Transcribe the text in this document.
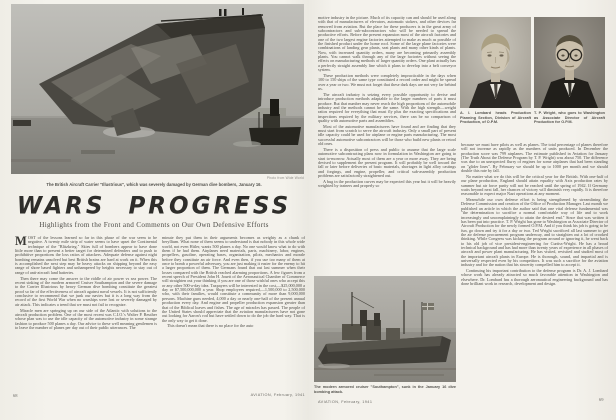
Photo from Wide World
The British Aircraft Carrier "Illustrious", which was severely damaged by German dive bombers, January 16.
WARS PROGRESS
Highlights from the Front and Comments on Our Own Defensive Efforts

MOST of the lessons learned so far in this phase of the war seem to be negative. A twenty mile strip of water seems to have upset the Continental technique of the "Blitzkrieg." Skies full of bombers appear to have done little more than to present a better target for determined defenders and to push to prohibitive proportions the loss ratios of attackers. Adequate defense against night bombing remains unsolved but best British brains are hard at work on it. When this is accomplished the next step may be heavy attacks on shipping beyond the easy range of shore based fighters and unhampered by heights necessary to stay out of range of anti-aircraft land batteries.

Then there may come the answer to the riddle of air power vs sea power. The recent sinking of the modern armored Cruiser Southampton and the severe damage to the Carrier Illustrious by heavy German dive bombing constitute the greatest proof so far of the effectiveness of aircraft against naval vessels. It is not sufficiently conclusive to recommend that we junk our navies but it is a long way from the record of the first World War when no warships were lost or severely damaged by air attack. This indicates a trend that we must not fail to recognize.

Miracle men are springing up on our side of the Atlantic with solutions to the aircraft production problem. One of the most recent was C.I.O.'s Walter P. Reuther whose plan was to use the idle capacity of the automotive industry in some strange fashion to produce 500 planes a day. Our advice to these well meaning gentlemen is to leave the number of planes per day out of their public utterances. The

minute they put them in their arguments becomes as weighty as a chunk of beryllium. What none of them seems to understand is that nobody in this whole wide world, not even Hitler, wants 500 planes a day. No one would know what to do with them if he had them. Airplanes need materials, parts, machinery, labor, engines, propellers, gasoline, operating bases, organization, pilots, mechanics and morale before they constitute an air force. And even then, if you use too many of them at once to bomb a powerful adversary, you are just making it easier for the enemy to hit a larger proportion of them. The Germans found that out last summer when their losses compared with the British reached alarming proportions. A few figures from a recent speech of President John H. Jouett of the Aeronautical Chamber of Commerce will straighten out your thinking if you are one of those wishful ones who accept this or any other 500-a-day idea. Taxpayers will be interested in the cost,—$25,000,000 a day or $7,500,000,000 a year. Shop employees required,—1,500,000 to 2,500,000 who, with their families, would constitute a community of more than 9,000,000 persons. Machine guns needed, 4,000 a day or nearly one-half of the present annual production every day. And engine and propeller production expansion greater than that of the Biblical loaves and fishes. The age of miracles has passed. The people of the United States should appreciate that the aviation manufacturers have not gone out looking for Aaron's rod but have settled down to do the job the hard way. That is the only way to get it done.

This doesn't mean that there is no place for the auto

68	AVIATION, February, 1941

motive industry in the picture. Much of its capacity can and should be used along with that of manufacturers of elevators, automatic stokers, and other devices far removed from aviation. But the place for these producers is in the great army of subcontractors and sub-subcontractors who will be needed to spread the productive efforts. Before the present expansion most of the aircraft factories and one of the two largest engine factories attempted to make as much as possible of the finished product under the home roof. Some of the large plane factories were combinations of landing gear plants, seat plants and many other kinds of plants. Now, with increased quantity orders, many are becoming primarily assembly plants. You cannot walk through any of the large factories without seeing the effects on manufacturing methods of larger quantity orders. One plant actually has a perfectly straight assembly line which it plans to develop into a belt conveyor system.

These production methods were completely impracticable in the days when 100 to 150 ships of the same type constituted a record order and might be spread over a year or two. We must not forget that these dark days are not very far behind us.

The aircraft industry is seizing every possible opportunity to devise and introduce production methods adaptable to the larger numbers of parts it must produce. But that number may never reach the high proportions of the automobile industry and the methods cannot be the same. With the high strength—weight ratios required for everything that must fly plus the exacting specifications and inspections required by the military services, there can be no comparison of quality with automotive parts and assemblies.

Most of the automotive manufacturers have found and are finding that they must start from scratch to serve the aircraft industry. Only a small part of present idle capacity could be used for airplane or engine parts manufacturing. The most successful automotive subcontractors will be those who build new plants or retool old ones.

There is a disposition of press and public to assume that the large scale automotive subcontracting plans now in formulation in Washington are going to start to-morrow. Actually most of them are a year or more away. They are being devised to supplement the present program. It will probably be well toward the fall or later before deliveries of basic materials, shortages in light alloy castings and forgings, and engine, propeller, and critical sub-assembly production problems are satisfactorily straightened out.

A bug in the production curves may be expected this year but it will be heavily weighted by trainers and properly so

A. I. Lombard heads Production Planning Section, Division of Aircraft Production, of O.P.M.
T. P. Wright, who goes to Washington as Associate Director of Aircraft Production for O.P.M.

because we must have pilots as well as planes. The total percentage of planes therefore will not increase as rapidly as the numbers of units produced. In December the production score was 799 airplanes. The estimate published in Aviation for January (The Truth About the Defense Program by T. P. Wright) was about 750. The difference was due to an unexpected flurry of engines for some airplanes that had been standing on "glider lines". By February we should be up to 1000 per month and we should double this rate by fall.

No matter what we do this will be the critical year for the British. With one-half of our plane production, England should attain equality with Axis production rates by summer but air force parity will not be reached until the spring of 1942. If Germany waits beyond next fall, her chances of victory will diminish very rapidly. It is therefore reasonable to expect major Nazi operations at any moment.

Meanwhile our own defense effort is being strengthened by streamlining the Defense Commission and creation of the Office of Production Manager. Last month we published an article in which the author said that one vital defense fundamental was "the determination to sacrifice a normal comfortable way of life and to work increasingly and uncomplainingly to attain the desired end." Since that was written it has been put into practice. T. P. Wright has gone to Washington as Associate Director of Aircraft Production for the newly formed O.P.M. And if you think his job is going to be fun, go down and try it for a day or two. Ted Wright sacrificed all last summer to get the air defense procurement program underway, and to straighten out a lot of crooked thinking. While Congress was kicking the program around or ignoring it, he went back to his old job of vice president-engineering for Curtiss-Wright. He has a broad technical background and has had more than twenty years of experience in all phases of aircraft and power plant manufacturing. He has visited, revisited and studied most of the important aircraft plants in Europe. He is thorough, sound, and impartial and is universally respected even by his competitors. It was such a sacrifice for the aviation industry and for the nation that his sincerity compelled him to accept it.

Continuing his important contribution to the defense program is Dr. A. J. Lombard whose work has already attracted so much favorable attention in Washington and elsewhere. Dr. Lombard has a thorough aeronautical engineering background and has done brilliant work in research, development and design.

The modern armored cruiser "Southampton", sunk in the January 16 dive bombing attack.
AVIATION, February, 1941	69
